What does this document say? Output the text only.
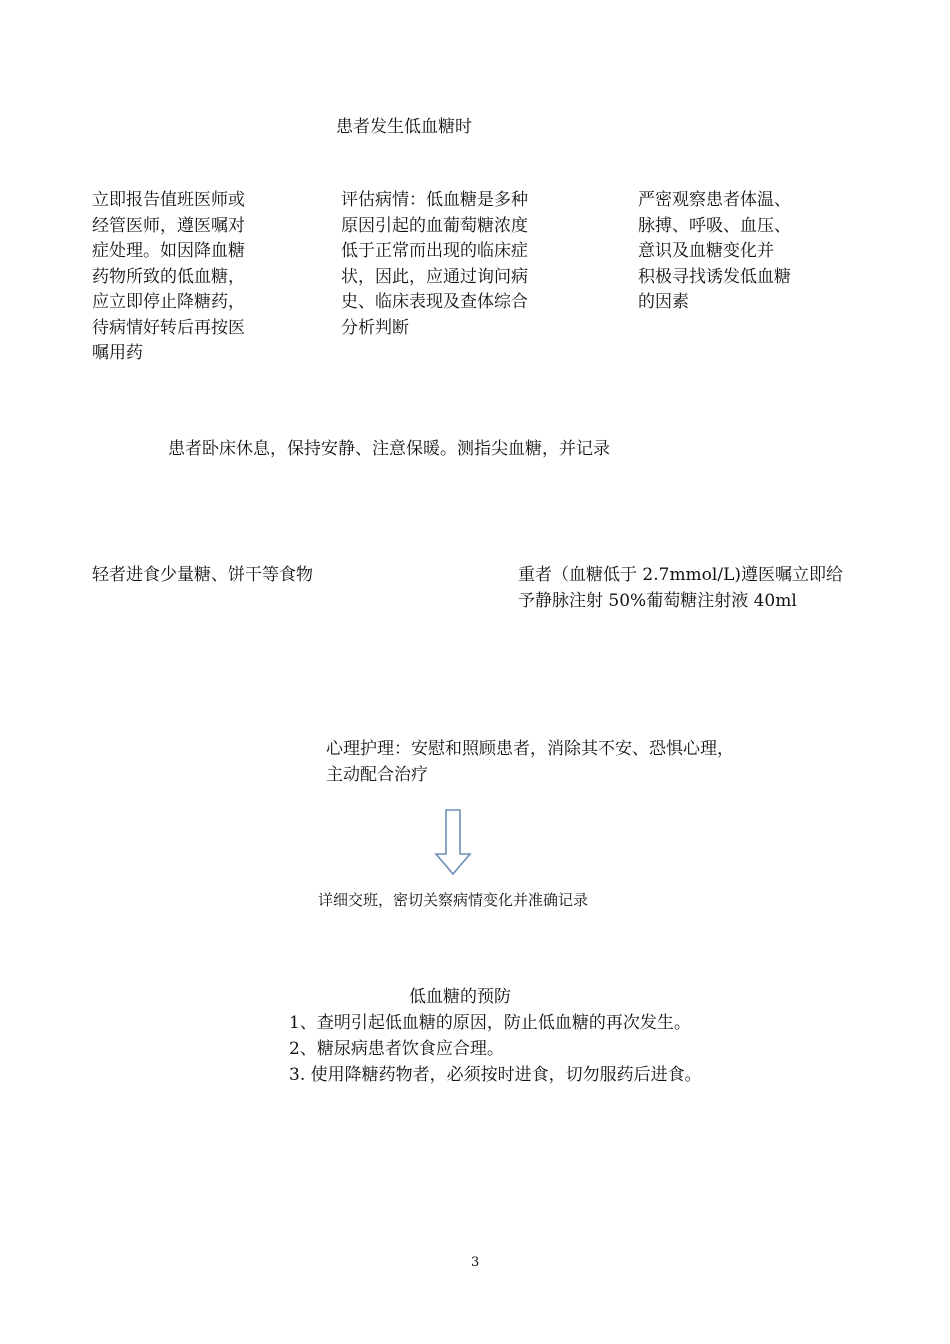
患者发生低血糖时
立即报告值班医师或
经管医师，遵医嘱对
症处理。如因降血糖
药物所致的低血糖，
应立即停止降糖药，
待病情好转后再按医
嘱用药
评估病情：低血糖是多种
原因引起的血葡萄糖浓度
低于正常而出现的临床症
状，因此，应通过询问病
史、临床表现及查体综合
分析判断
严密观察患者体温、
脉搏、呼吸、血压、
意识及血糖变化并
积极寻找诱发低血糖
的因素
患者卧床休息，保持安静、注意保暖。测指尖血糖，并记录
轻者进食少量糖、饼干等食物	重者（血糖低于 2.7mmol/L)遵医嘱立即给
予静脉注射 50%葡萄糖注射液 40ml
心理护理：安慰和照顾患者，消除其不安、恐惧心理，
主动配合治疗
详细交班，密切关察病情变化并准确记录
低血糖的预防
1、查明引起低血糖的原因，防止低血糖的再次发生。
2、糖尿病患者饮食应合理。
3. 使用降糖药物者，必须按时进食，切勿服药后进食。
3
